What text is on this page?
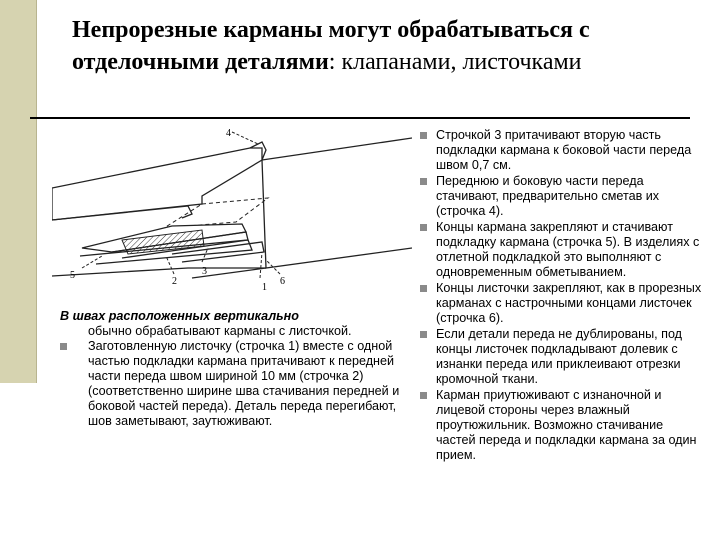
Непрорезные карманы могут обрабатываться с отделочными деталями: клапанами, листочками
4
5
2
3
1
6
В швах расположенных вертикально
обычно обрабатывают карманы с листочкой.
Заготовленную листочку (строчка 1) вместе с одной частью подкладки кармана притачивают к передней части переда швом шириной 10 мм (строчка 2) (соответственно ширине шва стачивания передней и боковой частей переда). Деталь переда перегибают, шов заметывают, заутюживают.
Строчкой 3 притачивают вторую часть подкладки кармана к боковой части переда швом 0,7 см.
Переднюю и боковую части переда стачивают, предварительно сметав их (строчка 4).
Концы кармана закрепляют и стачивают подкладку кармана (строчка 5). В изделиях с отлетной подкладкой это выполняют с одновременным обметыванием.
Концы листочки закрепляют, как в прорезных карманах с настрочными концами листочек (строчка 6).
Если детали переда не дублированы, под концы листочек подкладывают долевик с изнанки переда или приклеивают отрезки кромочной ткани.
Карман приутюживают с изнаночной и лицевой стороны через влажный проутюжильник. Возможно стачивание частей переда и подкладки кармана за один прием.
